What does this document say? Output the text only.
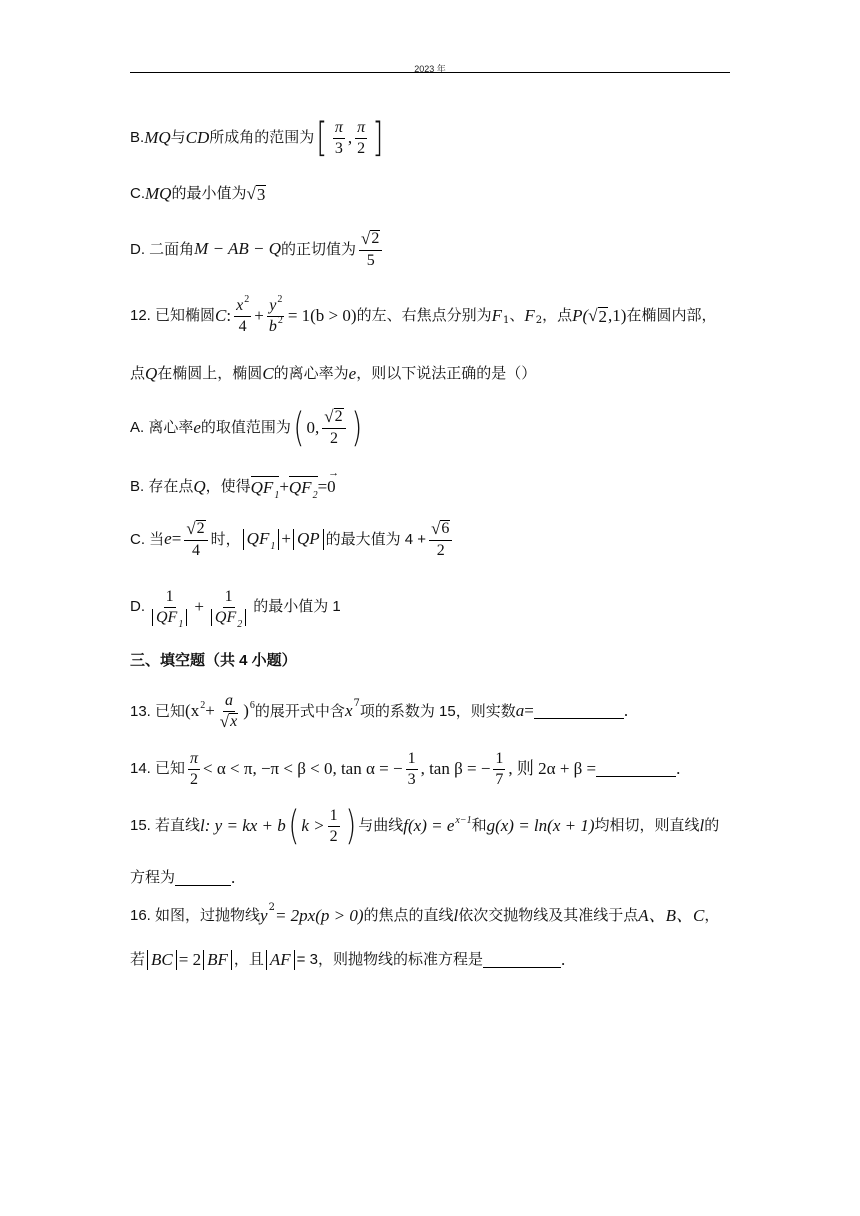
2023 年
B. MQ 与 CD 所成角的范围为 [ $\frac{\pi}{3}$ , $\frac{\pi}{2}$ ]
C. MQ 的最小值为 √ 3
D. 二面角 M − AB − Q 的正切值为 $\frac{√ 2}{5}$
12. 已知椭圆 C : $\frac{x^2}{4} + \frac{y^2}{b^2} = 1(b > 0)$ 的左、右焦点分别为 F 1 、 F 2 ，点 P( √ 2 ,1) 在椭圆内部，
点 Q 在椭圆上，椭圆 C 的离心率为 e ，则以下说法正确的是（）
A. 离心率 e 的取值范围为 ( 0, $\frac{√ 2}{2}$ )
B. 存在点 Q ，使得 $QF_1 + QF_2$ =
→
0
C. 当 $e = \frac{√ 2}{4}$ 时， $QF_1$ + QP 的最大值为 $4 + \frac{√ 6}{2}$
D. $\frac{1}{QF_1} + \frac{1}{QF_2}$ 的最小值为 1
三、填空题（共 4 小题）
13. 已知 $(x^2 + \frac{a}{√ x} )^6$ 的展开式中含 x 7 项的系数为 15，则实数 a =	.
14. 已知 $\frac{\pi}{2} < \alpha < \pi$, −π < β < 0, tan α = − $\frac{1}{3}$ , tan β = − $\frac{1}{7}$ , 则 2α + β =	.
15. 若直线 l : y = kx + b ( $k > \frac{1}{2}$ ) 与曲线 $f(x) = e^{x-1}$ 和 g(x) = ln(x + 1) 均相切，则直线 l 的
方程为	.
16. 如图，过抛物线 y 2 = 2px(p > 0) 的焦点的直线 l 依次交抛物线及其准线于点 A、B、C ，
若 BC = 2 BF ，且 AF = 3，则抛物线的标准方程是	.
